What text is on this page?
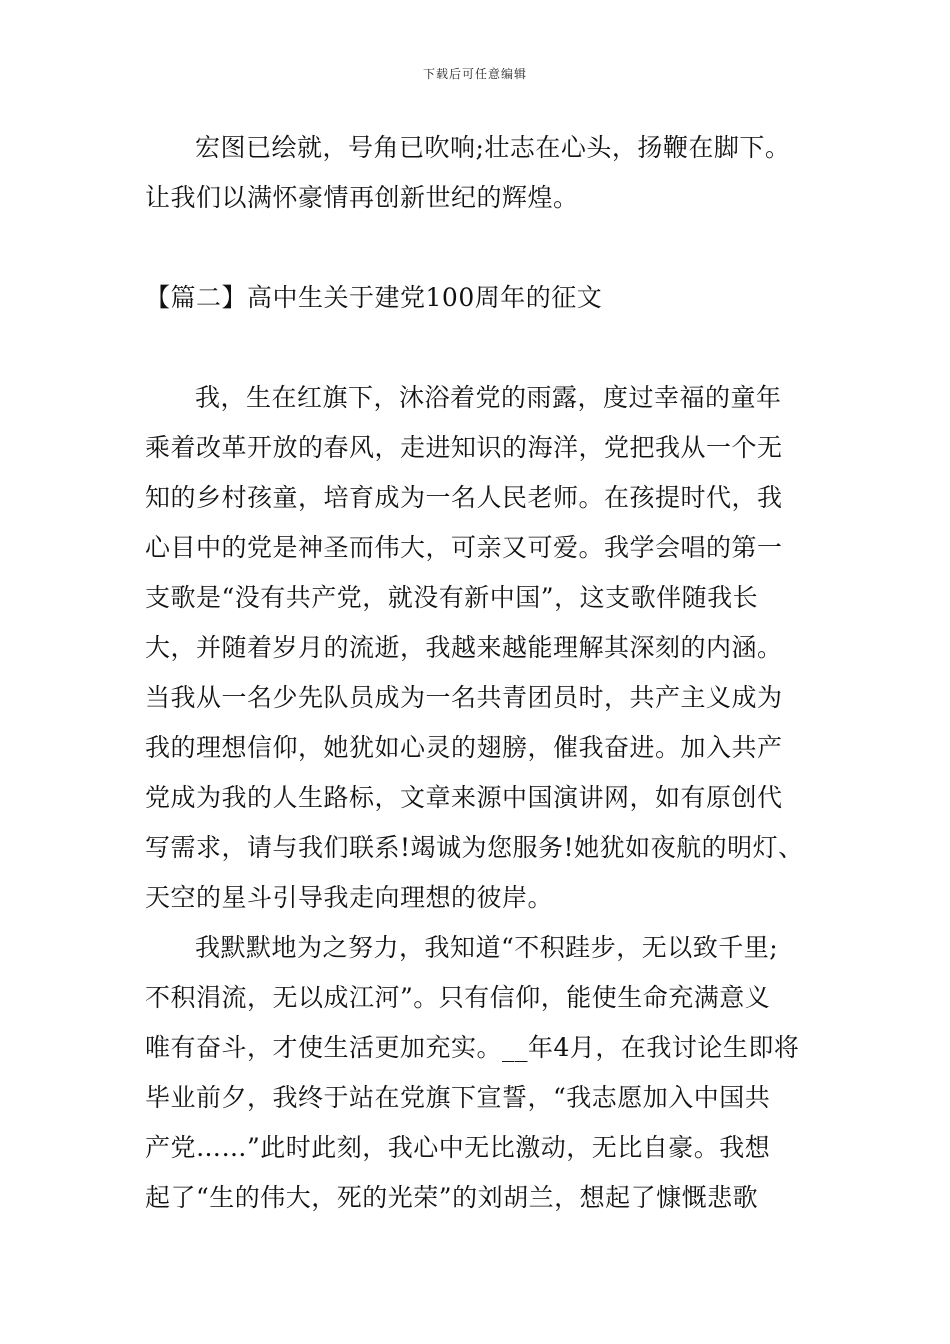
下载后可任意编辑
宏图已绘就，号角已吹响;壮志在心头，扬鞭在脚下。
让我们以满怀豪情再创新世纪的辉煌。
【篇二】高中生关于建党100周年的征文
我，生在红旗下，沐浴着党的雨露，度过幸福的童年
乘着改革开放的春风，走进知识的海洋，党把我从一个无
知的乡村孩童，培育成为一名人民老师。在孩提时代，我
心目中的党是神圣而伟大，可亲又可爱。我学会唱的第一
支歌是“没有共产党，就没有新中国”，这支歌伴随我长
大，并随着岁月的流逝，我越来越能理解其深刻的内涵。
当我从一名少先队员成为一名共青团员时，共产主义成为
我的理想信仰，她犹如心灵的翅膀，催我奋进。加入共产
党成为我的人生路标，文章来源中国演讲网，如有原创代
写需求，请与我们联系!竭诚为您服务!她犹如夜航的明灯、
天空的星斗引导我走向理想的彼岸。
我默默地为之努力，我知道“不积跬步，无以致千里;
不积涓流，无以成江河”。只有信仰，能使生命充满意义
唯有奋斗，才使生活更加充实。__年4月，在我讨论生即将
毕业前夕，我终于站在党旗下宣誓，“我志愿加入中国共
产党……”此时此刻，我心中无比激动，无比自豪。我想
起了“生的伟大，死的光荣”的刘胡兰，想起了慷慨悲歌
